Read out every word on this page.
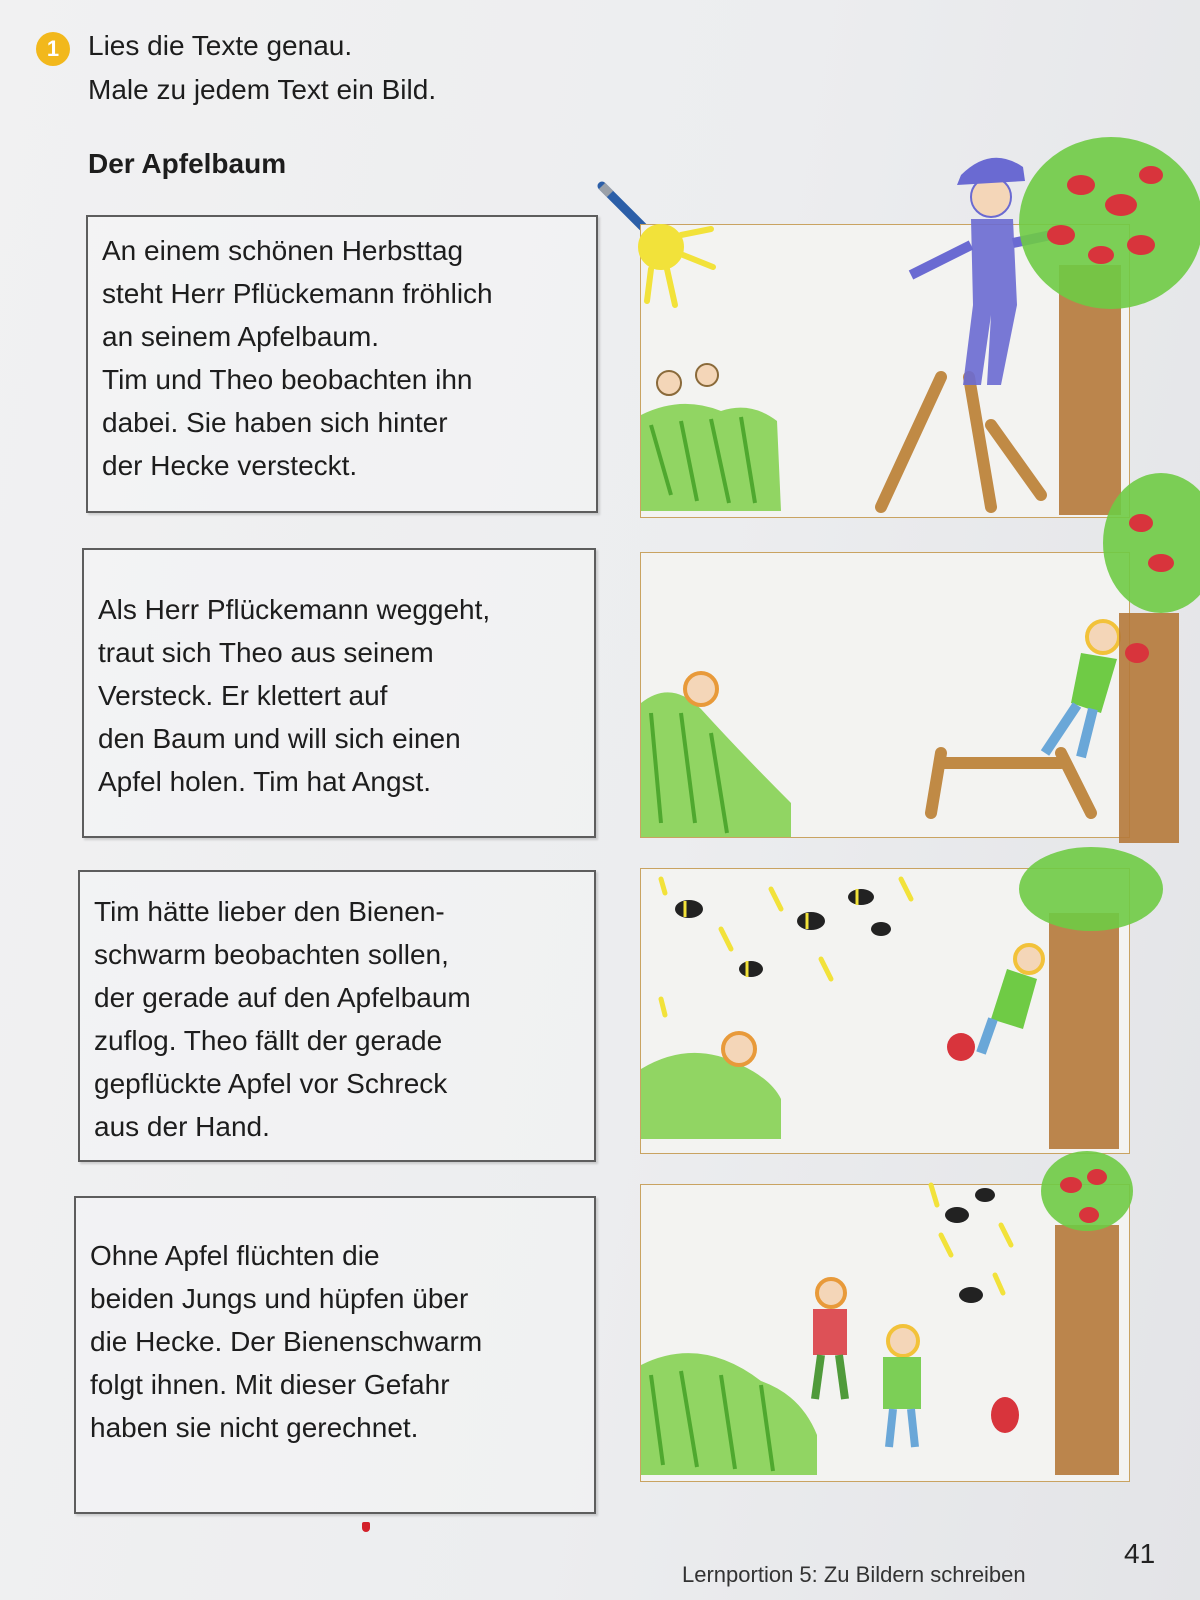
1	Lies die Texte genau.
Male zu jedem Text ein Bild.
Der Apfelbaum
An einem schönen Herbsttag
steht Herr Pflückemann fröhlich
an seinem Apfelbaum.
Tim und Theo beobachten ihn
dabei. Sie haben sich hinter
der Hecke versteckt.
Als Herr Pflückemann weggeht,
traut sich Theo aus seinem
Versteck. Er klettert auf
den Baum und will sich einen
Apfel holen. Tim hat Angst.
Tim hätte lieber den Bienen-
schwarm beobachten sollen,
der gerade auf den Apfelbaum
zuflog. Theo fällt der gerade
gepflückte Apfel vor Schreck
aus der Hand.
Ohne Apfel flüchten die
beiden Jungs und hüpfen über
die Hecke. Der Bienenschwarm
folgt ihnen. Mit dieser Gefahr
haben sie nicht gerechnet.
Lernportion 5: Zu Bildern schreiben
41
